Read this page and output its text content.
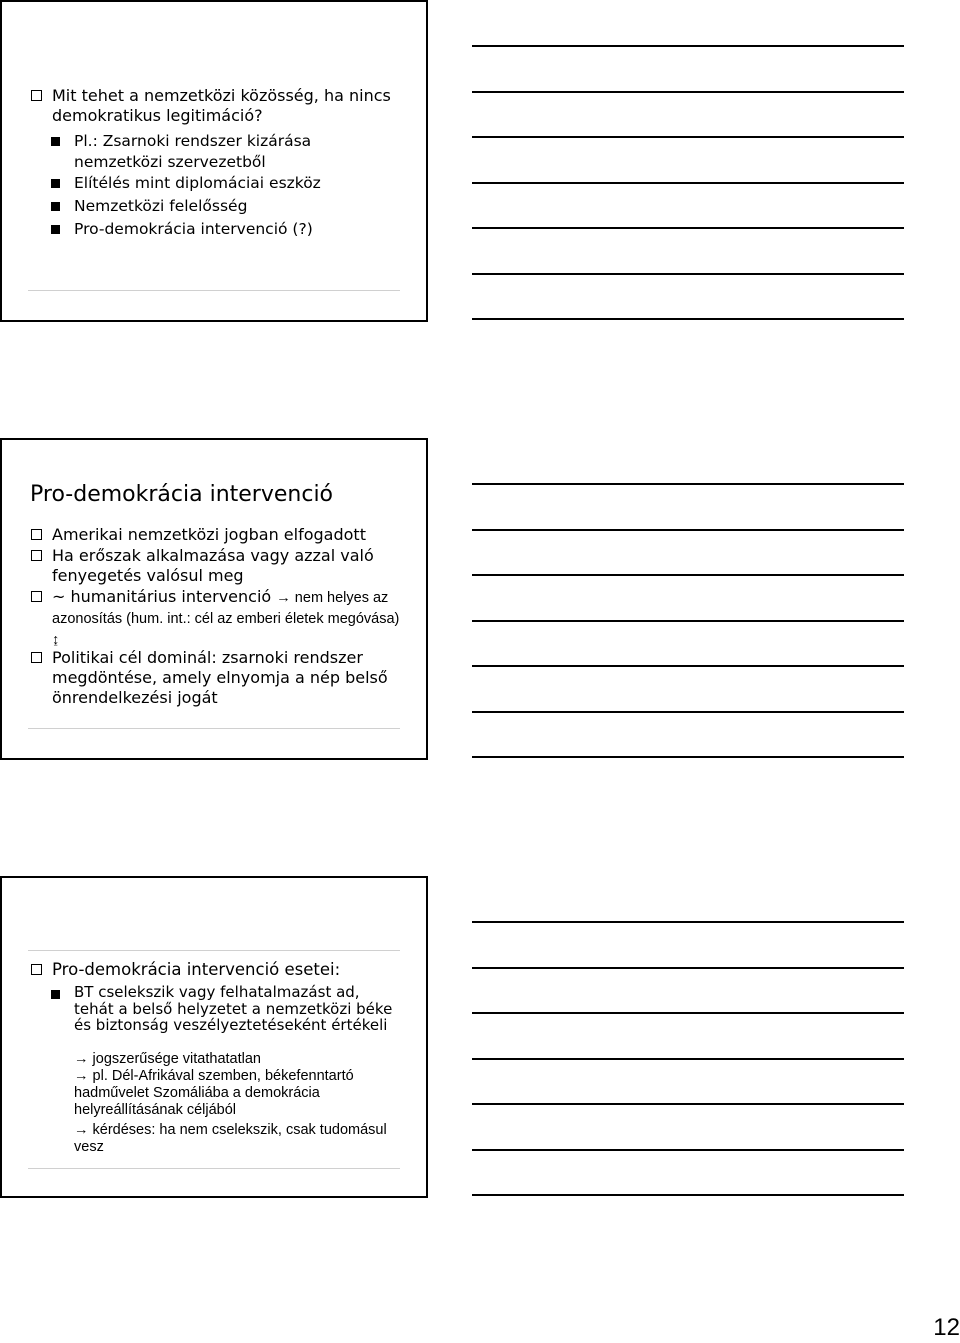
Mit tehet a nemzetközi közösség, ha nincs demokratikus legitimáció?
Pl.: Zsarnoki rendszer kizárása nemzetközi szervezetből
Elítélés mint diplomáciai eszköz
Nemzetközi felelősség
Pro-demokrácia intervenció (?)
Pro-demokrácia intervenció
Amerikai nemzetközi jogban elfogadott
Ha erőszak alkalmazása vagy azzal való fenyegetés valósul meg
~ humanitárius intervenció → nem helyes az azonosítás (hum. int.: cél az emberi életek megóvása) ↨
Politikai cél dominál: zsarnoki rendszer megdöntése, amely elnyomja a nép belső önrendelkezési jogát
Pro-demokrácia intervenció esetei:
BT cselekszik vagy felhatalmazást ad, tehát a belső helyzetet a nemzetközi béke és biztonság veszélyeztetéseként értékeli
→ jogszerűsége vitathatatlan
→ pl. Dél-Afrikával szemben, békefenntartó hadművelet Szomáliába a demokrácia helyreállításának céljából
→ kérdéses: ha nem cselekszik, csak tudomásul vesz
12
